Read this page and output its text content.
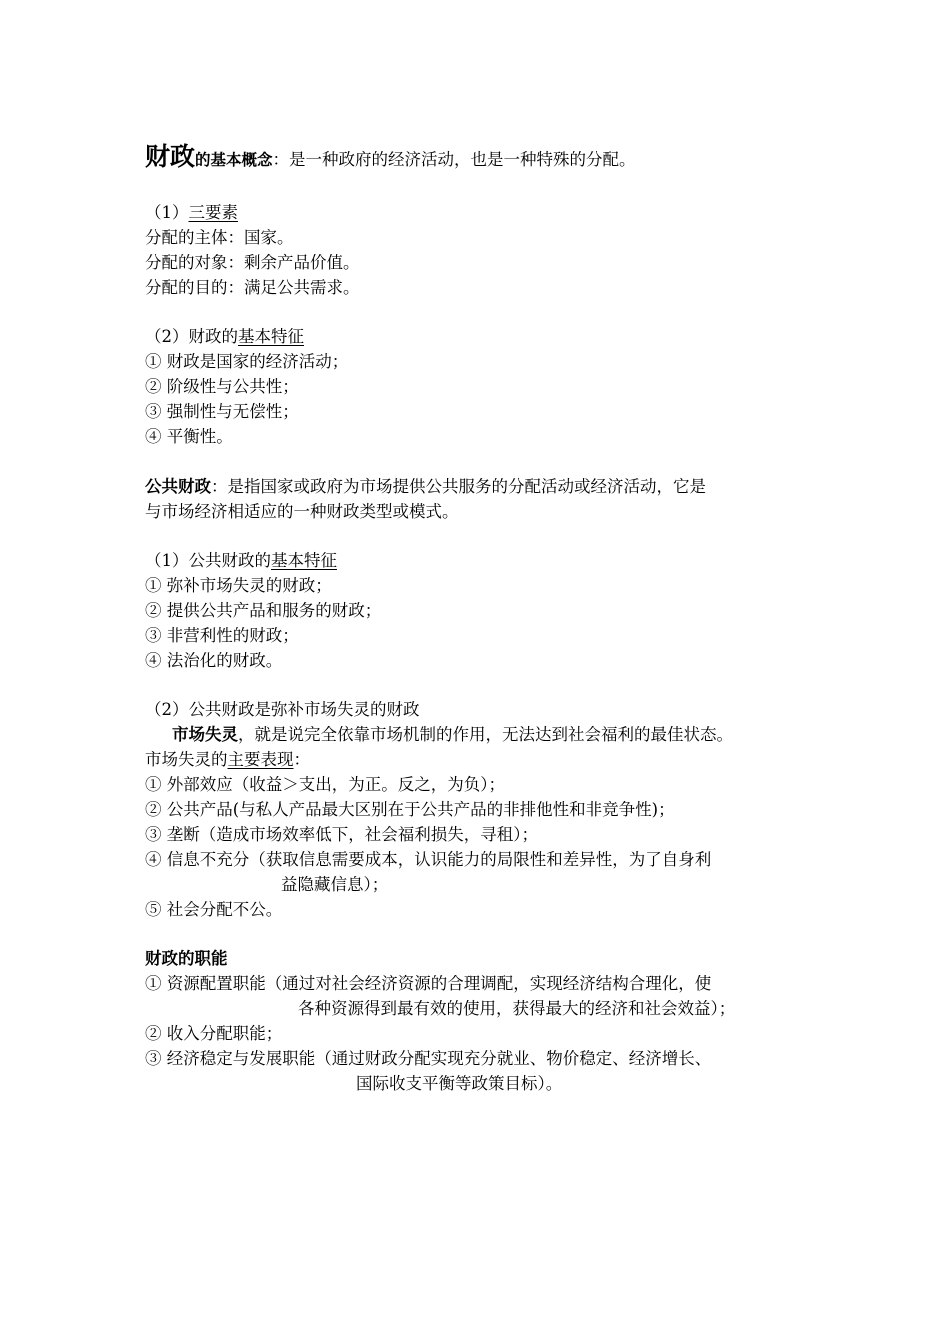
财政的基本概念：是一种政府的经济活动，也是一种特殊的分配。
（1）三要素
分配的主体：国家。
分配的对象：剩余产品价值。
分配的目的：满足公共需求。
（2）财政的基本特征
① 财政是国家的经济活动；
② 阶级性与公共性；
③ 强制性与无偿性；
④ 平衡性。
公共财政：是指国家或政府为市场提供公共服务的分配活动或经济活动，它是
与市场经济相适应的一种财政类型或模式。
（1）公共财政的基本特征
① 弥补市场失灵的财政；
② 提供公共产品和服务的财政；
③ 非营利性的财政；
④ 法治化的财政。
（2）公共财政是弥补市场失灵的财政
市场失灵，就是说完全依靠市场机制的作用，无法达到社会福利的最佳状态。
市场失灵的主要表现：
① 外部效应（收益＞支出，为正。反之，为负）；
② 公共产品(与私人产品最大区别在于公共产品的非排他性和非竞争性)；
③ 垄断（造成市场效率低下，社会福利损失，寻租）；
④ 信息不充分（获取信息需要成本，认识能力的局限性和差异性，为了自身利
益隐藏信息）；
⑤ 社会分配不公。
财政的职能
① 资源配置职能（通过对社会经济资源的合理调配，实现经济结构合理化，使
各种资源得到最有效的使用，获得最大的经济和社会效益）；
② 收入分配职能；
③ 经济稳定与发展职能（通过财政分配实现充分就业、物价稳定、经济增长、
国际收支平衡等政策目标）。
